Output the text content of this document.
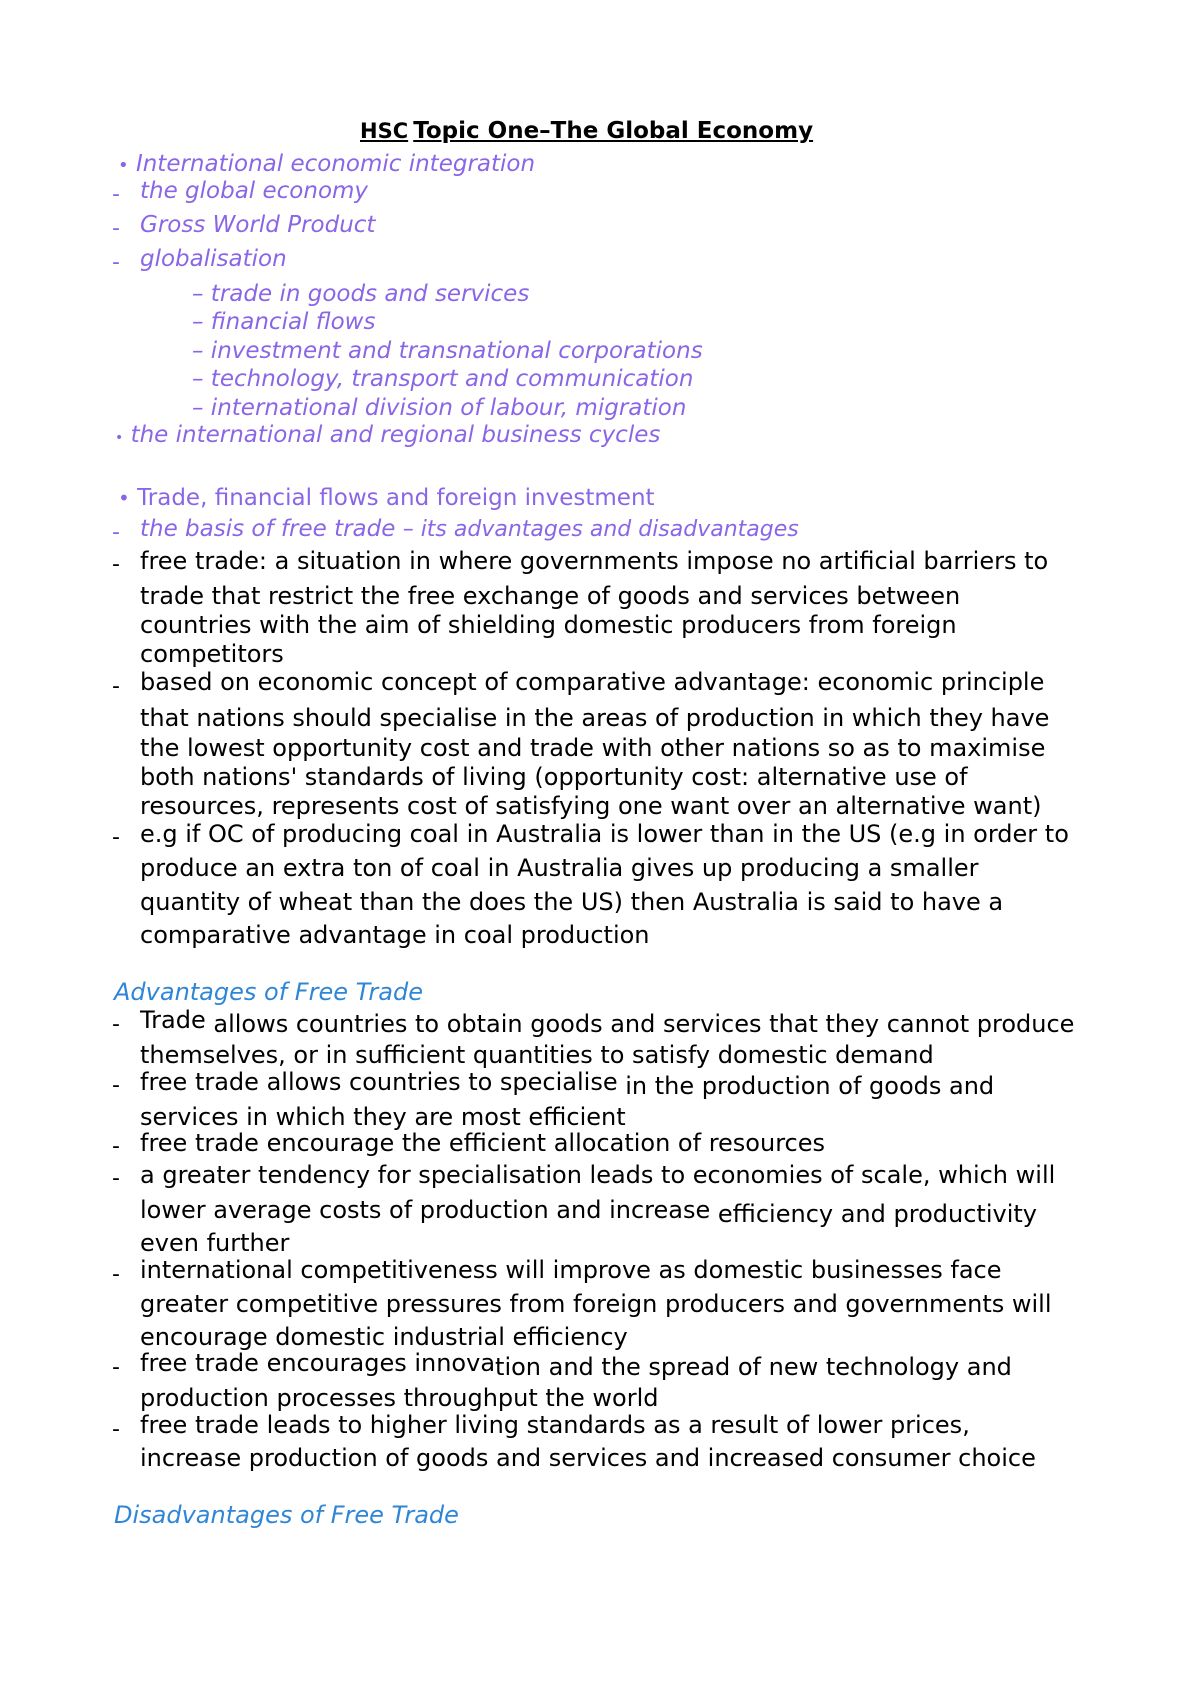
HSC Topic One–The Global Economy
• International economic integration
- the global economy
- Gross World Product
- globalisation
– trade in goods and services
– financial flows
– investment and transnational corporations
– technology, transport and communication
– international division of labour, migration
• the international and regional business cycles
• Trade, financial flows and foreign investment
- the basis of free trade – its advantages and disadvantages
- free trade: a situation in where governments impose no artificial barriers to
trade that restrict the free exchange of goods and services between
countries with the aim of shielding domestic producers from foreign
competitors
- based on economic concept of comparative advantage: economic principle
that nations should specialise in the areas of production in which they have
the lowest opportunity cost and trade with other nations so as to maximise
both nations' standards of living (opportunity cost: alternative use of
resources, represents cost of satisfying one want over an alternative want)
- e.g if OC of producing coal in Australia is lower than in the US (e.g in order to
produce an extra ton of coal in Australia gives up producing a smaller
quantity of wheat than the does the US) then Australia is said to have a
comparative advantage in coal production
Advantages of Free Trade
- Trade allows countries to obtain goods and services that they cannot produce
themselves, or in sufficient quantities to satisfy domestic demand
- free trade allows countries to specialise in the production of goods and
services in which they are most efficient
- free trade encourage the efficient allocation of resources
- a greater tendency for specialisation leads to economies of scale, which will
lower average costs of production and increase efficiency and productivity
even further
- international competitiveness will improve as domestic businesses face
greater competitive pressures from foreign producers and governments will
encourage domestic industrial efficiency
- free trade encourages innovation and the spread of new technology and
production processes throughput the world
- free trade leads to higher living standards as a result of lower prices,
increase production of goods and services and increased consumer choice
Disadvantages of Free Trade
